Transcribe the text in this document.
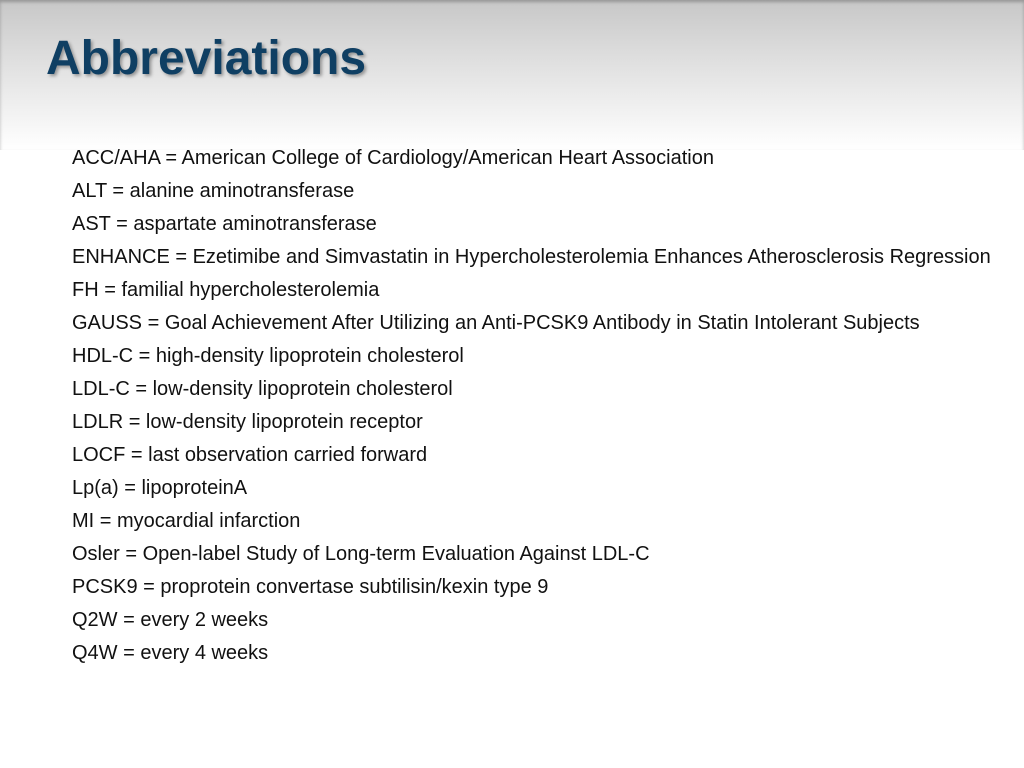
Abbreviations
ACC/AHA = American College of Cardiology/American Heart Association
ALT = alanine aminotransferase
AST = aspartate aminotransferase
ENHANCE = Ezetimibe and Simvastatin in Hypercholesterolemia Enhances Atherosclerosis Regression
FH = familial hypercholesterolemia
GAUSS = Goal Achievement After Utilizing an Anti-PCSK9 Antibody in Statin Intolerant Subjects
HDL-C = high-density lipoprotein cholesterol
LDL-C = low-density lipoprotein cholesterol
LDLR = low-density lipoprotein receptor
LOCF = last observation carried forward
Lp(a) = lipoproteinA
MI = myocardial infarction
Osler = Open-label Study of Long-term Evaluation Against LDL-C
PCSK9 = proprotein convertase subtilisin/kexin type 9
Q2W = every 2 weeks
Q4W = every 4 weeks
